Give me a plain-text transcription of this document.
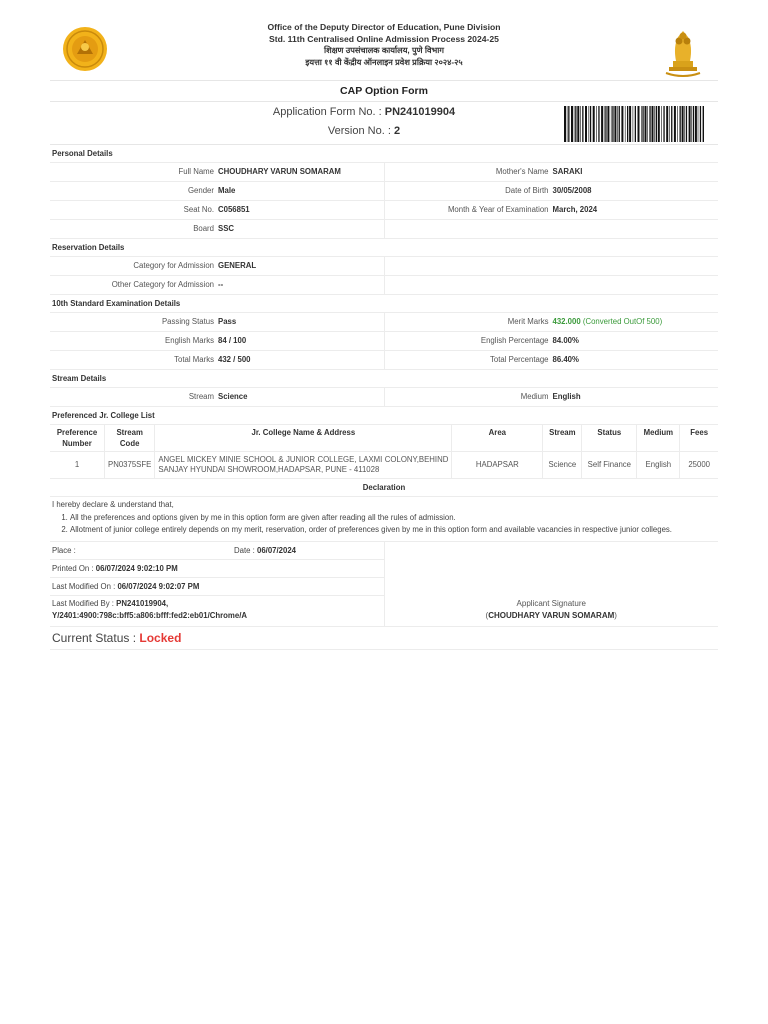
Office of the Deputy Director of Education, Pune Division
Std. 11th Centralised Online Admission Process 2024-25
शिक्षण उपसंचालक कार्यालय, पुणे विभाग
इयत्ता ११ वी केंद्रीय ऑनलाइन प्रवेश प्रक्रिया २०२४-२५
CAP Option Form
Application Form No. : PN241019904
Version No. : 2
Personal Details
Full Name CHOUDHARY VARUN SOMARAM	Mother's Name SARAKI
Gender Male	Date of Birth 30/05/2008
Seat No. C056851	Month & Year of Examination March, 2024
Board SSC
Reservation Details
Category for Admission GENERAL
Other Category for Admission --
10th Standard Examination Details
Passing Status Pass	Merit Marks 432.000 (Converted OutOf 500)
English Marks 84 / 100	English Percentage 84.00%
Total Marks 432 / 500	Total Percentage 86.40%
Stream Details
Stream Science	Medium English
Preferenced Jr. College List
Preference Number	Stream Code	Jr. College Name & Address	Area	Stream	Status	Medium	Fees
1	PN0375SFE	ANGEL MICKEY MINIE SCHOOL & JUNIOR COLLEGE, LAXMI COLONY,BEHIND SANJAY HYUNDAI SHOWROOM,HADAPSAR, PUNE - 411028	HADAPSAR	Science	Self Finance	English	25000
Declaration
I hereby declare & understand that,
1. All the preferences and options given by me in this option form are given after reading all the rules of admission.
2. Allotment of junior college entirely depends on my merit, reservation, order of preferences given by me in this option form and available vacancies in respective junior colleges.
Place :	Date : 06/07/2024
Printed On :
06/07/2024 9:02:10 PM
Last Modified On :
06/07/2024 9:02:07 PM
Last Modified By : PN241019904,
Y/2401:4900:798c:bff5:a806:bfff:fed2:eb01/Chrome/A
Applicant Signature
(CHOUDHARY VARUN SOMARAM)
Current Status : Locked
